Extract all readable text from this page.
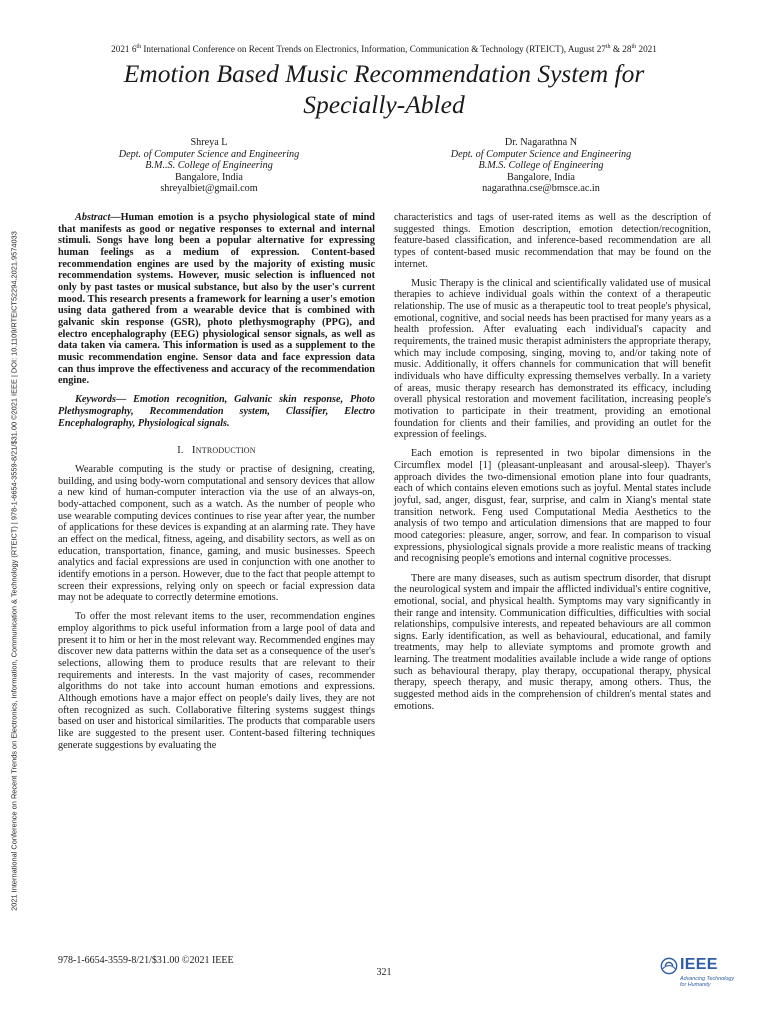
2021 6th International Conference on Recent Trends on Electronics, Information, Communication & Technology (RTEICT), August 27th & 28th 2021
Emotion Based Music Recommendation System for
Specially-Abled
Shreya L
Dept. of Computer Science and Engineering
B.M..S. College of Engineering
Bangalore, India
shreyalbiet@gmail.com
Dr. Nagarathna N
Dept. of Computer Science and Engineering
B.M.S. College of Engineering
Bangalore, India
nagarathna.cse@bmsce.ac.in
2021 International Conference on Recent Trends on Electronics, Information, Communication & Technology (RTEICT) | 978-1-6654-3559-8/21/$31.00 ©2021 IEEE | DOI: 10.1109/RTEICT52294.2021.9574033

Abstract—Human emotion is a psycho physiological state of mind that manifests as good or negative responses to external and internal stimuli. Songs have long been a popular alternative for expressing human feelings as a medium of expression. Content-based recommendation engines are used by the majority of existing music recommendation systems. However, music selection is influenced not only by past tastes or musical substance, but also by the user's current mood. This research presents a framework for learning a user's emotion using data gathered from a wearable device that is combined with galvanic skin response (GSR), photo plethysmography (PPG), and electro encephalography (EEG) physiological sensor signals, as well as data taken via camera. This information is used as a supplement to the music recommendation engine. Sensor data and face expression data can thus improve the effectiveness and accuracy of the recommendation engine.

Keywords— Emotion recognition, Galvanic skin response, Photo Plethysmography, Recommendation system, Classifier, Electro Encephalography, Physiological signals.

I. Introduction

Wearable computing is the study or practise of designing, creating, building, and using body-worn computational and sensory devices that allow a new kind of human-computer interaction via the use of an always-on, body-attached component, such as a watch. As the number of people who use wearable computing devices continues to rise year after year, the number of applications for these devices is expanding at an alarming rate. They have an effect on the medical, fitness, ageing, and disability sectors, as well as on education, transportation, finance, gaming, and music businesses. Speech analytics and facial expressions are used in conjunction with one another to identify emotions in a person. However, due to the fact that people attempt to screen their expressions, relying only on speech or facial expression data may not be adequate to correctly determine emotions.

To offer the most relevant items to the user, recommendation engines employ algorithms to pick useful information from a large pool of data and present it to him or her in the most relevant way. Recommended engines may discover new data patterns within the data set as a consequence of the user's selections, allowing them to produce results that are relevant to their requirements and interests. In the vast majority of cases, recommender algorithms do not take into account human emotions and expressions. Although emotions have a major effect on people's daily lives, they are not often recognized as such. Collaborative filtering systems suggest things based on user and historical similarities. The products that comparable users like are suggested to the present user. Content-based filtering techniques generate suggestions by evaluating the

characteristics and tags of user-rated items as well as the description of suggested things. Emotion description, emotion detection/recognition, feature-based classification, and inference-based recommendation are all types of content-based music recommendation that may be found on the internet.

Music Therapy is the clinical and scientifically validated use of musical therapies to achieve individual goals within the context of a therapeutic relationship. The use of music as a therapeutic tool to treat people's physical, emotional, cognitive, and social needs has been practised for many years as a health profession. After evaluating each individual's capacity and requirements, the trained music therapist administers the appropriate therapy, which may include composing, singing, moving to, and/or taking note of music. Additionally, it offers channels for communication that will benefit individuals who have difficulty expressing themselves verbally. In a variety of areas, music therapy research has demonstrated its efficacy, including overall physical restoration and movement facilitation, increasing people's motivation to participate in their treatment, providing an emotional foundation for clients and their families, and providing an outlet for the expression of feelings.

Each emotion is represented in two bipolar dimensions in the Circumflex model [1] (pleasant-unpleasant and arousal-sleep). Thayer's approach divides the two-dimensional emotion plane into four quadrants, each of which contains eleven emotions such as joyful. Mental states include joyful, sad, anger, disgust, fear, surprise, and calm in Xiang's mental state transition network. Feng used Computational Media Aesthetics to the analysis of two tempo and articulation dimensions that are mapped to four mood categories: pleasure, anger, sorrow, and fear. In comparison to visual expressions, physiological signals provide a more realistic means of tracking and recognising people's emotions and internal cognitive processes.

There are many diseases, such as autism spectrum disorder, that disrupt the neurological system and impair the afflicted individual's entire cognitive, emotional, social, and physical health. Symptoms may vary significantly in their range and intensity. Communication difficulties, difficulties with social relationships, compulsive interests, and repeated behaviours are all common signs. Early identification, as well as behavioural, educational, and family treatments, may help to alleviate symptoms and promote growth and learning. The treatment modalities available include a wide range of options such as behavioural therapy, play therapy, occupational therapy, physical therapy, speech therapy, and music therapy, among others. Thus, the suggested method aids in the comprehension of children's mental states and emotions.

978-1-6654-3559-8/21/$31.00 ©2021 IEEE
321	IEEE
Advancing Technology
for Humanity
